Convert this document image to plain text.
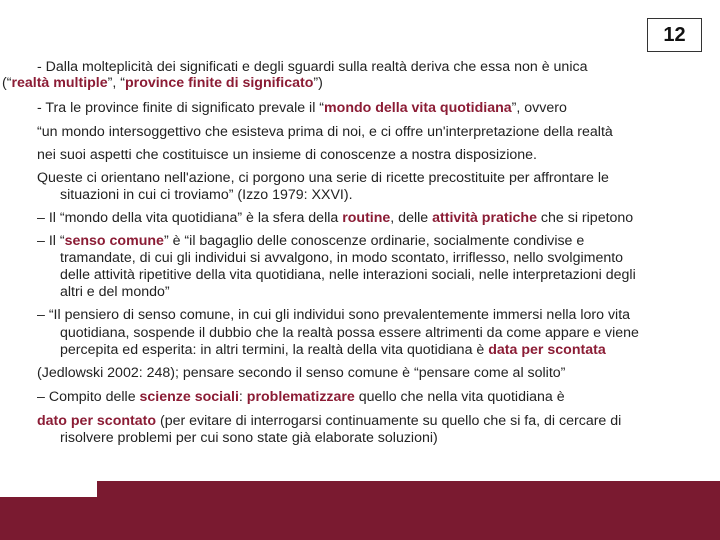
12
- Dalla molteplicità dei significati e degli sguardi sulla realtà deriva che essa non è unica
(“realtà multiple”, “province finite di significato”)
- Tra le province finite di significato prevale il “mondo della vita quotidiana”, ovvero
“un mondo intersoggettivo che esisteva prima di noi, e ci offre un'interpretazione della realtà
nei suoi aspetti che costituisce un insieme di conoscenze a nostra disposizione.
Queste ci orientano nell'azione, ci porgono una serie di ricette precostituite per affrontare le
situazioni in cui ci troviamo” (Izzo 1979: XXVI).
– Il “mondo della vita quotidiana” è la sfera della routine, delle attività pratiche che si ripetono
– Il “senso comune” è “il bagaglio delle conoscenze ordinarie, socialmente condivise e
tramandate, di cui gli individui si avvalgono, in modo scontato, irriflesso, nello svolgimento
delle attività ripetitive della vita quotidiana, nelle interazioni sociali, nelle interpretazioni degli
altri e del mondo”
– “Il pensiero di senso comune, in cui gli individui sono prevalentemente immersi nella loro vita
quotidiana, sospende il dubbio che la realtà possa essere altrimenti da come appare e viene
percepita ed esperita: in altri termini, la realtà della vita quotidiana è data per scontata
(Jedlowski 2002: 248); pensare secondo il senso comune è “pensare come al solito”
– Compito delle scienze sociali: problematizzare quello che nella vita quotidiana è
dato per scontato (per evitare di interrogarsi continuamente su quello che si fa, di cercare di
risolvere problemi per cui sono state già elaborate soluzioni)
